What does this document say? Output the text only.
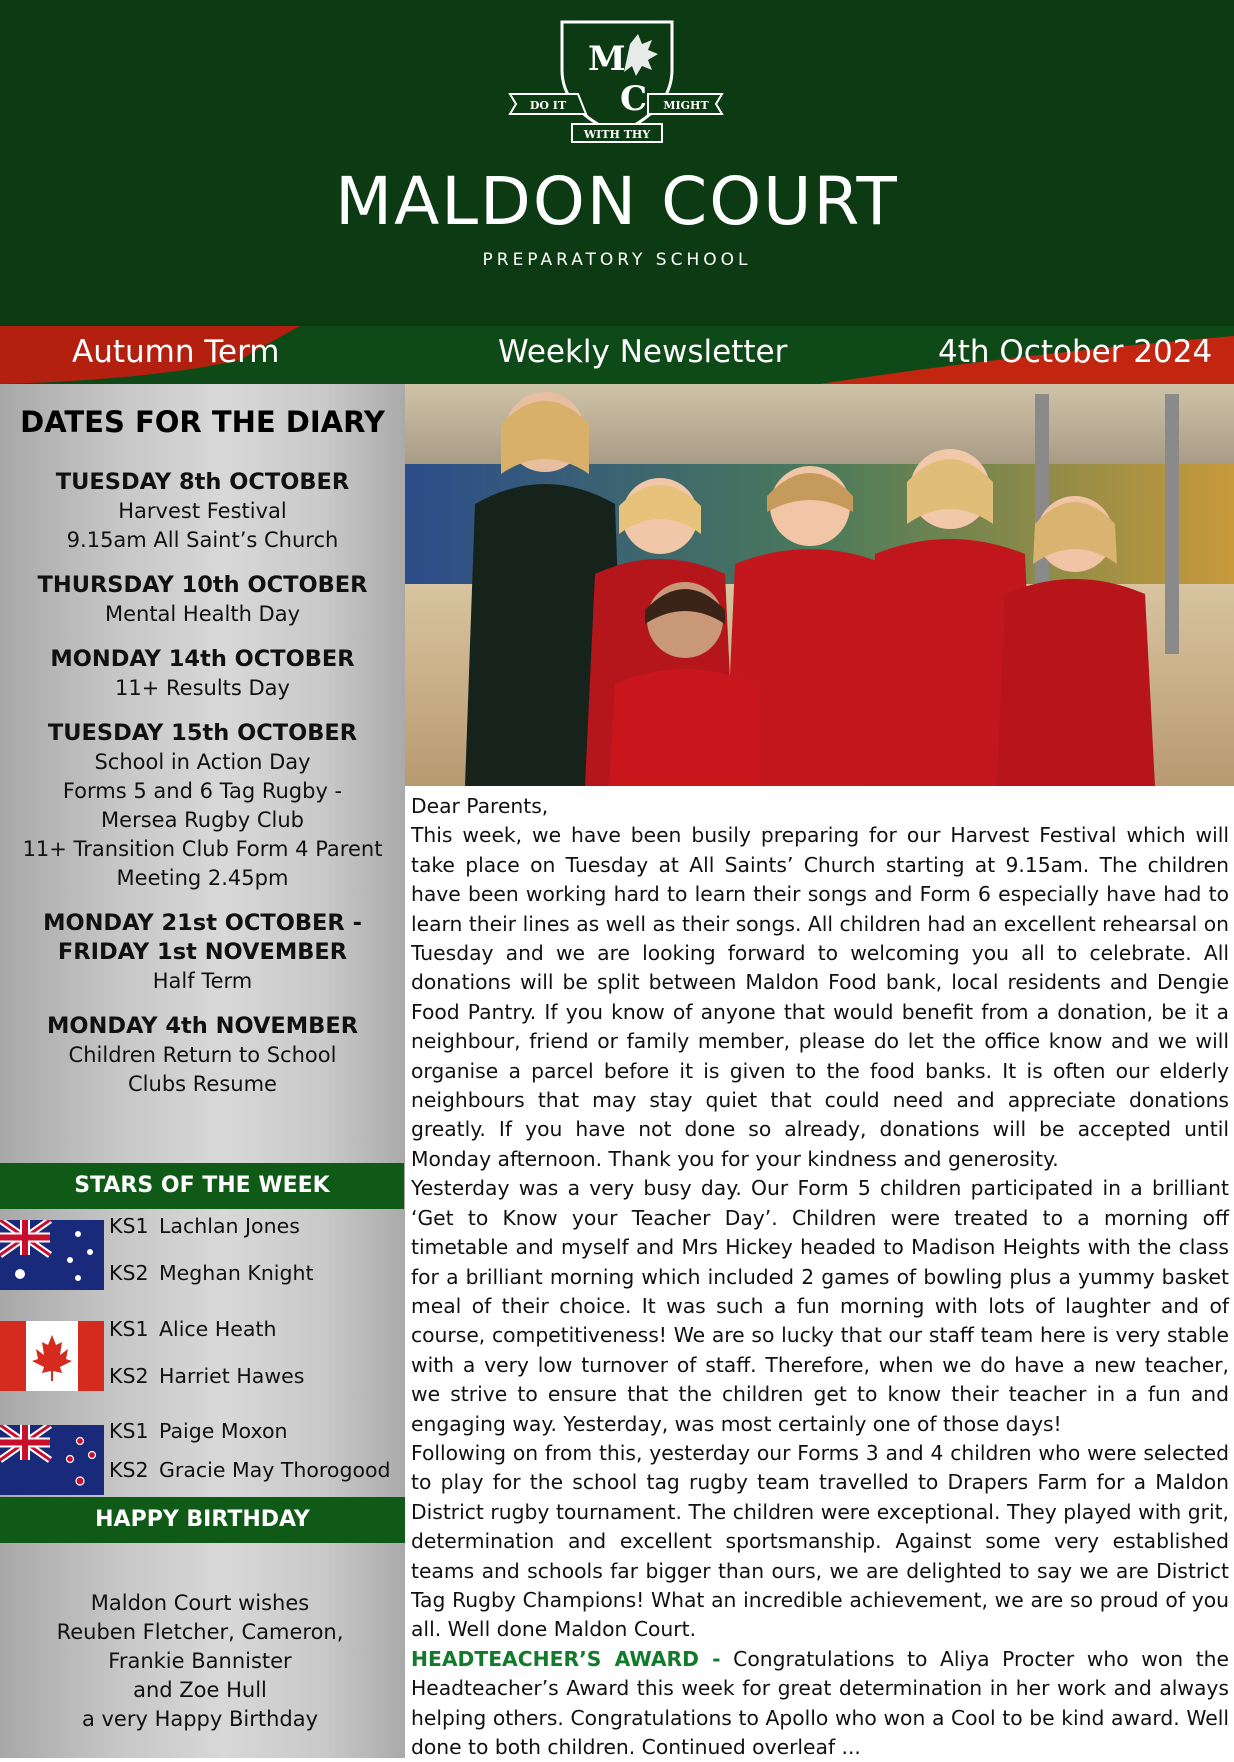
M
C
DO IT	MIGHT
WITH THY
MALDON COURT
PREPARATORY SCHOOL
Autumn Term	Weekly Newsletter	4th October 2024
DATES FOR THE DIARY
TUESDAY 8th OCTOBER
Harvest Festival
9.15am All Saint’s Church
THURSDAY 10th OCTOBER
Mental Health Day
MONDAY 14th OCTOBER
11+ Results Day
TUESDAY 15th OCTOBER
School in Action Day
Forms 5 and 6 Tag Rugby -
Mersea Rugby Club
11+ Transition Club Form 4 Parent
Meeting 2.45pm
MONDAY 21st OCTOBER -
FRIDAY 1st NOVEMBER
Half Term
MONDAY 4th NOVEMBER
Children Return to School
Clubs Resume
STARS OF THE WEEK
KS1 Lachlan Jones
KS2 Meghan Knight
KS1 Alice Heath
KS2 Harriet Hawes
KS1 Paige Moxon
KS2 Gracie May Thorogood
HAPPY BIRTHDAY
Maldon Court wishes
Reuben Fletcher, Cameron,
Frankie Bannister
and Zoe Hull
a very Happy Birthday

Dear Parents,

This week, we have been busily preparing for our Harvest Festival which will take place on Tuesday at All Saints’ Church starting at 9.15am. The children have been working hard to learn their songs and Form 6 especially have had to learn their lines as well as their songs. All children had an excellent rehearsal on Tuesday and we are looking forward to welcoming you all to celebrate. All donations will be split between Maldon Food bank, local residents and Dengie Food Pantry. If you know of anyone that would benefit from a donation, be it a neighbour, friend or family member, please do let the office know and we will organise a parcel before it is given to the food banks. It is often our elderly neighbours that may stay quiet that could need and appreciate donations greatly. If you have not done so already, donations will be accepted until Monday afternoon. Thank you for your kindness and generosity.

Yesterday was a very busy day. Our Form 5 children participated in a brilliant ‘Get to Know your Teacher Day’. Children were treated to a morning off timetable and myself and Mrs Hickey headed to Madison Heights with the class for a brilliant morning which included 2 games of bowling plus a yummy basket meal of their choice. It was such a fun morning with lots of laughter and of course, competitiveness! We are so lucky that our staff team here is very stable with a very low turnover of staff. Therefore, when we do have a new teacher, we strive to ensure that the children get to know their teacher in a fun and engaging way. Yesterday, was most certainly one of those days!

Following on from this, yesterday our Forms 3 and 4 children who were selected to play for the school tag rugby team travelled to Drapers Farm for a Maldon District rugby tournament. The children were exceptional. They played with grit, determination and excellent sportsmanship. Against some very established teams and schools far bigger than ours, we are delighted to say we are District Tag Rugby Champions! What an incredible achievement, we are so proud of you all. Well done Maldon Court.

HEADTEACHER’S AWARD - Congratulations to Aliya Procter who won the Headteacher’s Award this week for great determination in her work and always helping others. Congratulations to Apollo who won a Cool to be kind award. Well done to both children. Continued overleaf ...
